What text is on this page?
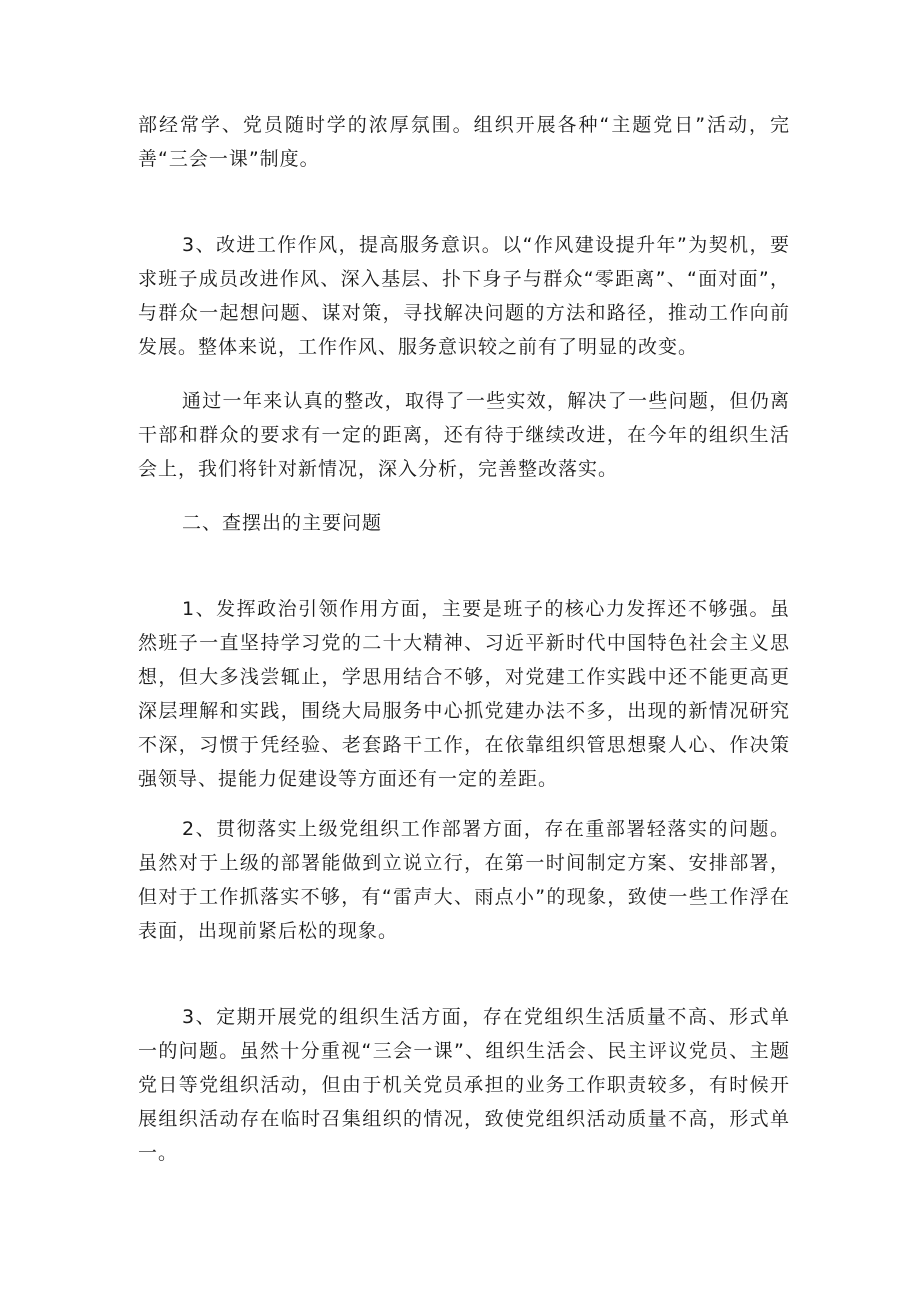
部经常学、党员随时学的浓厚氛围。组织开展各种“主题党日”活动，完善“三会一课”制度。

3、改进工作作风，提高服务意识。以“作风建设提升年”为契机，要求班子成员改进作风、深入基层、扑下身子与群众“零距离”、“面对面”，与群众一起想问题、谋对策，寻找解决问题的方法和路径，推动工作向前发展。整体来说，工作作风、服务意识较之前有了明显的改变。

通过一年来认真的整改，取得了一些实效，解决了一些问题，但仍离干部和群众的要求有一定的距离，还有待于继续改进，在今年的组织生活会上，我们将针对新情况，深入分析，完善整改落实。

二、查摆出的主要问题

1、发挥政治引领作用方面，主要是班子的核心力发挥还不够强。虽然班子一直坚持学习党的二十大精神、习近平新时代中国特色社会主义思想，但大多浅尝辄止，学思用结合不够，对党建工作实践中还不能更高更深层理解和实践，围绕大局服务中心抓党建办法不多，出现的新情况研究不深，习惯于凭经验、老套路干工作，在依靠组织管思想聚人心、作决策强领导、提能力促建设等方面还有一定的差距。

2、贯彻落实上级党组织工作部署方面，存在重部署轻落实的问题。虽然对于上级的部署能做到立说立行，在第一时间制定方案、安排部署，但对于工作抓落实不够，有“雷声大、雨点小”的现象，致使一些工作浮在表面，出现前紧后松的现象。

3、定期开展党的组织生活方面，存在党组织生活质量不高、形式单一的问题。虽然十分重视“三会一课”、组织生活会、民主评议党员、主题党日等党组织活动，但由于机关党员承担的业务工作职责较多，有时候开展组织活动存在临时召集组织的情况，致使党组织活动质量不高，形式单一。
